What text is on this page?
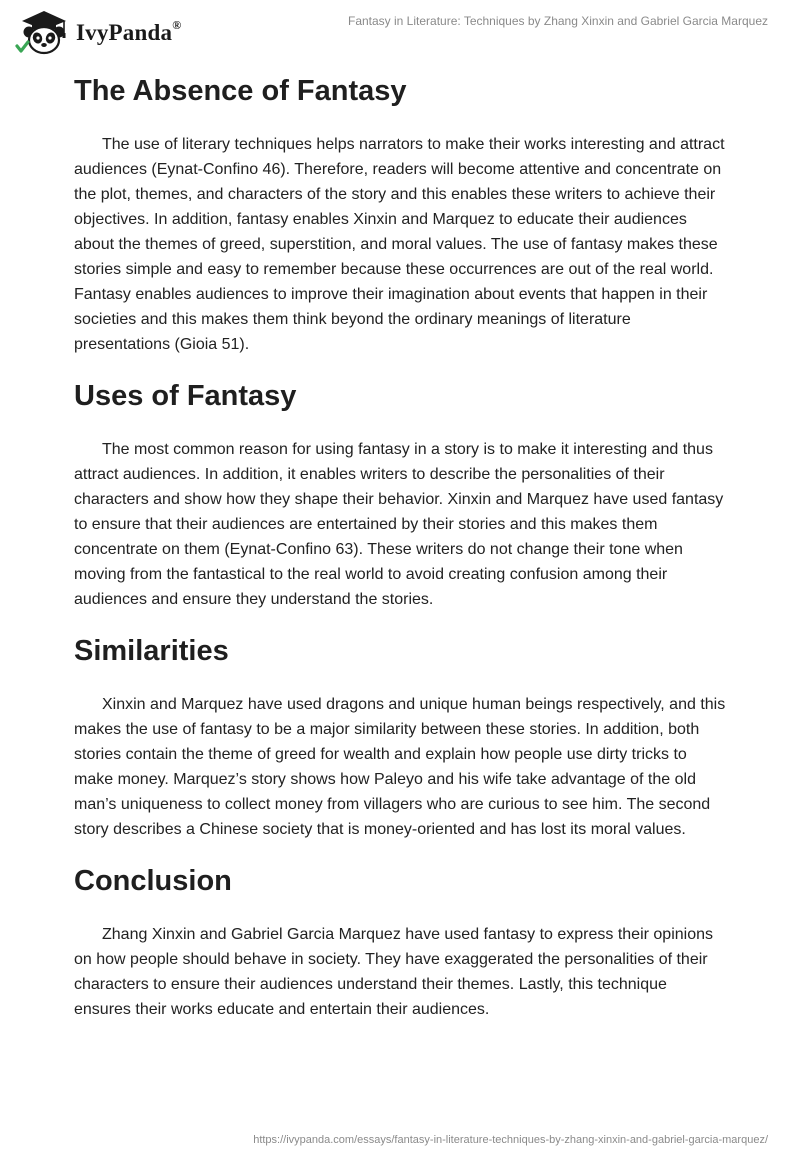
IvyPanda®	Fantasy in Literature: Techniques by Zhang Xinxin and Gabriel Garcia Marquez
The Absence of Fantasy

The use of literary techniques helps narrators to make their works interesting and attract audiences (Eynat-Confino 46). Therefore, readers will become attentive and concentrate on the plot, themes, and characters of the story and this enables these writers to achieve their objectives. In addition, fantasy enables Xinxin and Marquez to educate their audiences about the themes of greed, superstition, and moral values. The use of fantasy makes these stories simple and easy to remember because these occurrences are out of the real world. Fantasy enables audiences to improve their imagination about events that happen in their societies and this makes them think beyond the ordinary meanings of literature presentations (Gioia 51).

Uses of Fantasy

The most common reason for using fantasy in a story is to make it interesting and thus attract audiences. In addition, it enables writers to describe the personalities of their characters and show how they shape their behavior. Xinxin and Marquez have used fantasy to ensure that their audiences are entertained by their stories and this makes them concentrate on them (Eynat-Confino 63). These writers do not change their tone when moving from the fantastical to the real world to avoid creating confusion among their audiences and ensure they understand the stories.

Similarities

Xinxin and Marquez have used dragons and unique human beings respectively, and this makes the use of fantasy to be a major similarity between these stories. In addition, both stories contain the theme of greed for wealth and explain how people use dirty tricks to make money. Marquez’s story shows how Paleyo and his wife take advantage of the old man’s uniqueness to collect money from villagers who are curious to see him. The second story describes a Chinese society that is money-oriented and has lost its moral values.

Conclusion

Zhang Xinxin and Gabriel Garcia Marquez have used fantasy to express their opinions on how people should behave in society. They have exaggerated the personalities of their characters to ensure their audiences understand their themes. Lastly, this technique ensures their works educate and entertain their audiences.

https://ivypanda.com/essays/fantasy-in-literature-techniques-by-zhang-xinxin-and-gabriel-garcia-marquez/
